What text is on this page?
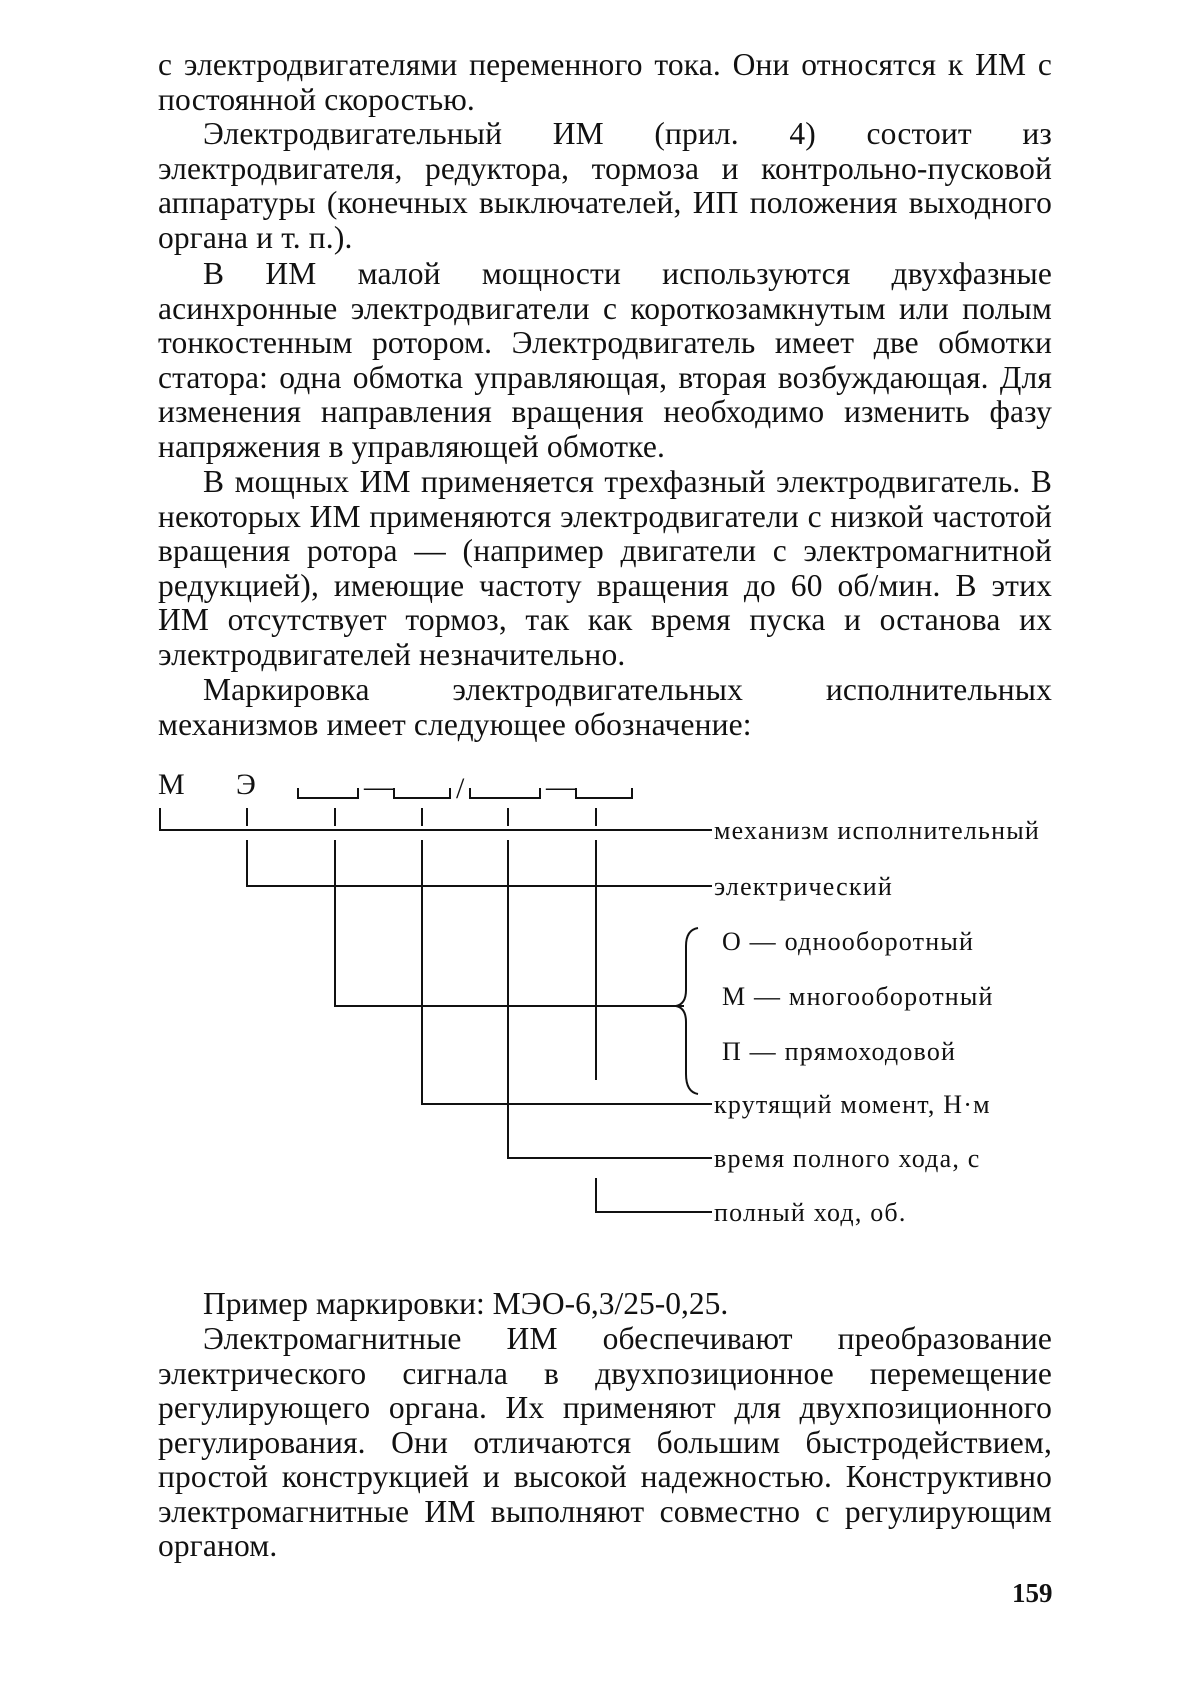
с электродвигателями переменного тока. Они относятся к ИМ с постоянной скоростью.

Электродвигательный ИМ (прил. 4) состоит из электродвигателя, редуктора, тормоза и контрольно-пусковой аппаратуры (конечных выключателей, ИП положения выходного органа и т. п.).

В ИМ малой мощности используются двухфазные асинхронные электродвигатели с короткозамкнутым или полым тонкостенным ротором. Электродвигатель имеет две обмотки статора: одна обмотка управляющая, вторая возбуждающая. Для изменения направления вращения необходимо изменить фазу напряжения в управляющей обмотке.

В мощных ИМ применяется трехфазный электродвигатель. В некоторых ИМ применяются электродвигатели с низкой частотой вращения ротора — (например двигатели с электромагнитной редукцией), имеющие частоту вращения до 60 об/мин. В этих ИМ отсутствует тормоз, так как время пуска и останова их электродвигателей незначительно.

Маркировка электродвигательных исполнительных механизмов имеет следующее обозначение:

М Э	— /	—
механизм исполнительный
электрический
О — однооборотный
М — многооборотный
П — прямоходовой
крутящий момент, Н·м
время полного хода, с
полный ход, об.

Пример маркировки: МЭО-6,3/25-0,25.

Электромагнитные ИМ обеспечивают преобразование электрического сигнала в двухпозиционное перемещение регулирующего органа. Их применяют для двухпозиционного регулирования. Они отличаются большим быстродействием, простой конструкцией и высокой надежностью. Конструктивно электромагнитные ИМ выполняют совместно с регулирующим органом.

159
